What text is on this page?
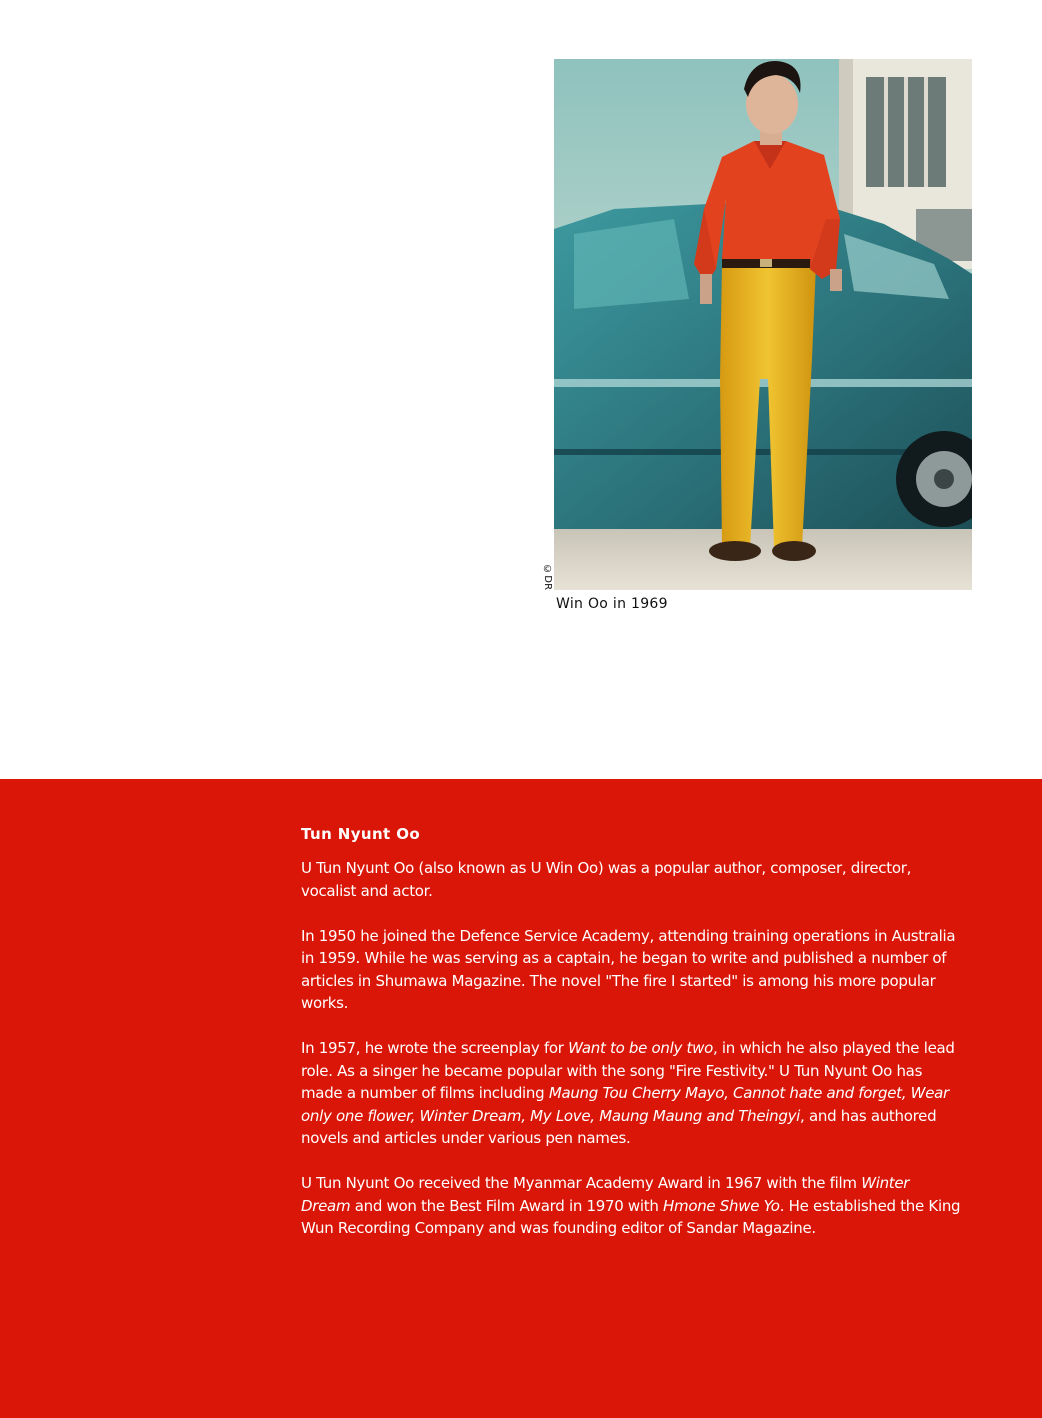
©DR
Win Oo in 1969
Tun Nyunt Oo

U Tun Nyunt Oo (also known as U Win Oo) was a popular author, composer, director, vocalist and actor.

In 1950 he joined the Defence Service Academy, attending training operations in Australia in 1959. While he was serving as a captain, he began to write and published a number of articles in Shumawa Magazine. The novel "The fire I started" is among his more popular works.

In 1957, he wrote the screenplay for Want to be only two, in which he also played the lead role. As a singer he became popular with the song "Fire Festivity." U Tun Nyunt Oo has made a number of films including Maung Tou Cherry Mayo, Cannot hate and forget, Wear only one flower, Winter Dream, My Love, Maung Maung and Theingyi, and has authored novels and articles under various pen names.

U Tun Nyunt Oo received the Myanmar Academy Award in 1967 with the film Winter Dream and won the Best Film Award in 1970 with Hmone Shwe Yo. He established the King Wun Recording Company and was founding editor of Sandar Magazine.
